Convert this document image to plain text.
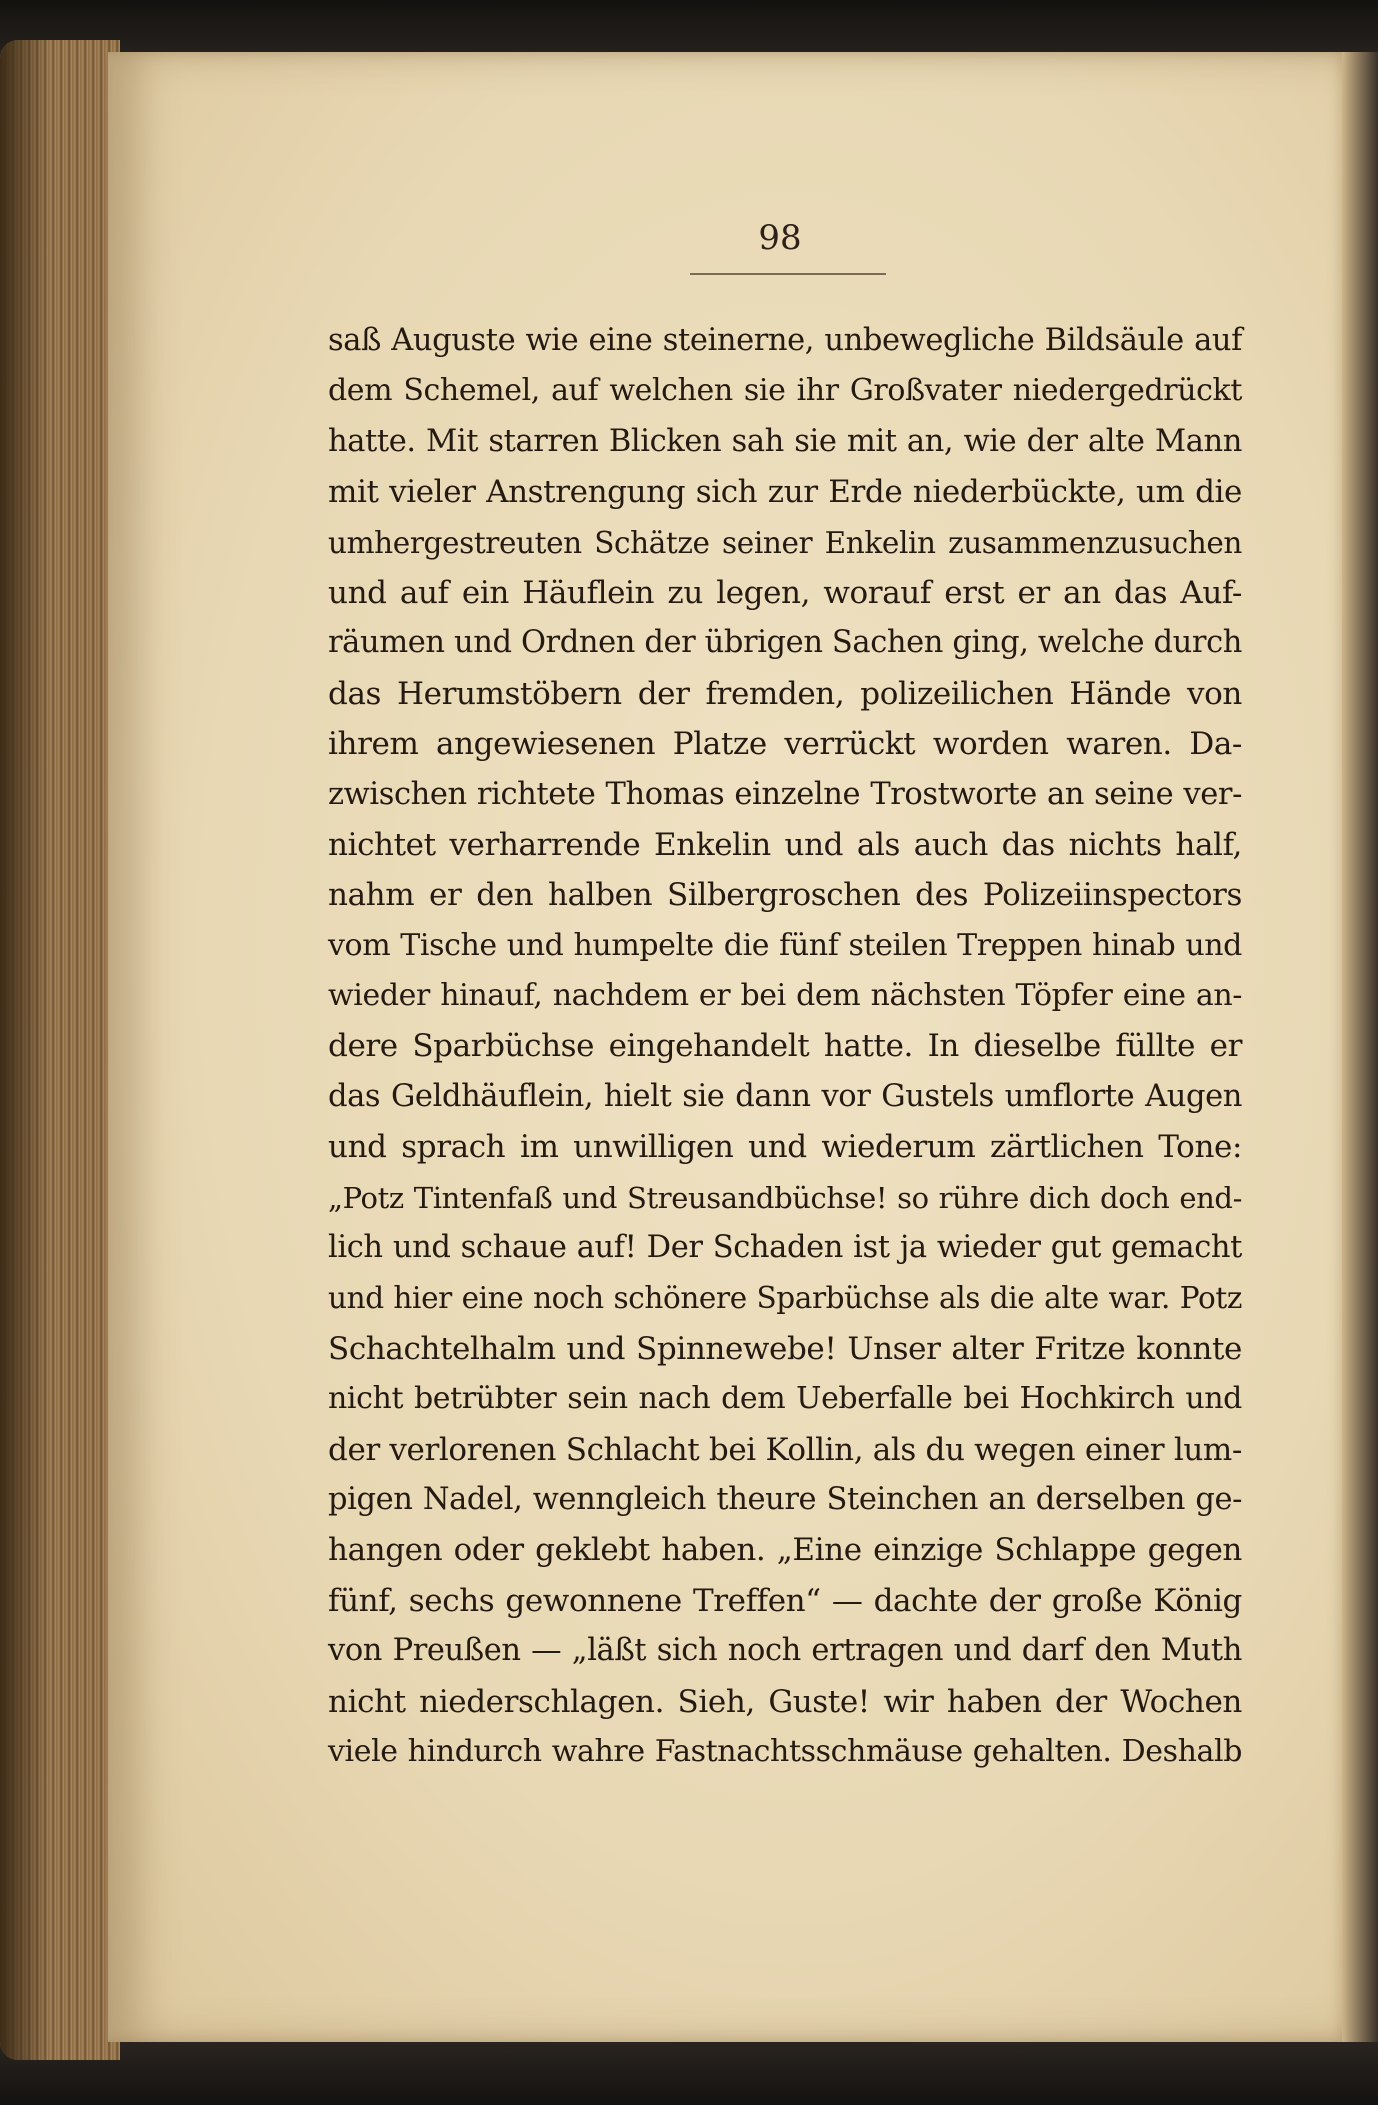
98
saß Auguste wie eine steinerne, unbewegliche Bildsäule auf
dem Schemel, auf welchen sie ihr Großvater niedergedrückt
hatte. Mit starren Blicken sah sie mit an, wie der alte Mann
mit vieler Anstrengung sich zur Erde niederbückte, um die
umhergestreuten Schätze seiner Enkelin zusammenzusuchen
und auf ein Häuflein zu legen, worauf erst er an das Auf-
räumen und Ordnen der übrigen Sachen ging, welche durch
das Herumstöbern der fremden, polizeilichen Hände von
ihrem angewiesenen Platze verrückt worden waren. Da-
zwischen richtete Thomas einzelne Trostworte an seine ver-
nichtet verharrende Enkelin und als auch das nichts half,
nahm er den halben Silbergroschen des Polizeiinspectors
vom Tische und humpelte die fünf steilen Treppen hinab und
wieder hinauf, nachdem er bei dem nächsten Töpfer eine an-
dere Sparbüchse eingehandelt hatte. In dieselbe füllte er
das Geldhäuflein, hielt sie dann vor Gustels umflorte Augen
und sprach im unwilligen und wiederum zärtlichen Tone:
„Potz Tintenfaß und Streusandbüchse! so rühre dich doch end-
lich und schaue auf! Der Schaden ist ja wieder gut gemacht
und hier eine noch schönere Sparbüchse als die alte war. Potz
Schachtelhalm und Spinnewebe! Unser alter Fritze konnte
nicht betrübter sein nach dem Ueberfalle bei Hochkirch und
der verlorenen Schlacht bei Kollin, als du wegen einer lum-
pigen Nadel, wenngleich theure Steinchen an derselben ge-
hangen oder geklebt haben. „Eine einzige Schlappe gegen
fünf, sechs gewonnene Treffen“ — dachte der große König
von Preußen — „läßt sich noch ertragen und darf den Muth
nicht niederschlagen. Sieh, Guste! wir haben der Wochen
viele hindurch wahre Fastnachtsschmäuse gehalten. Deshalb
